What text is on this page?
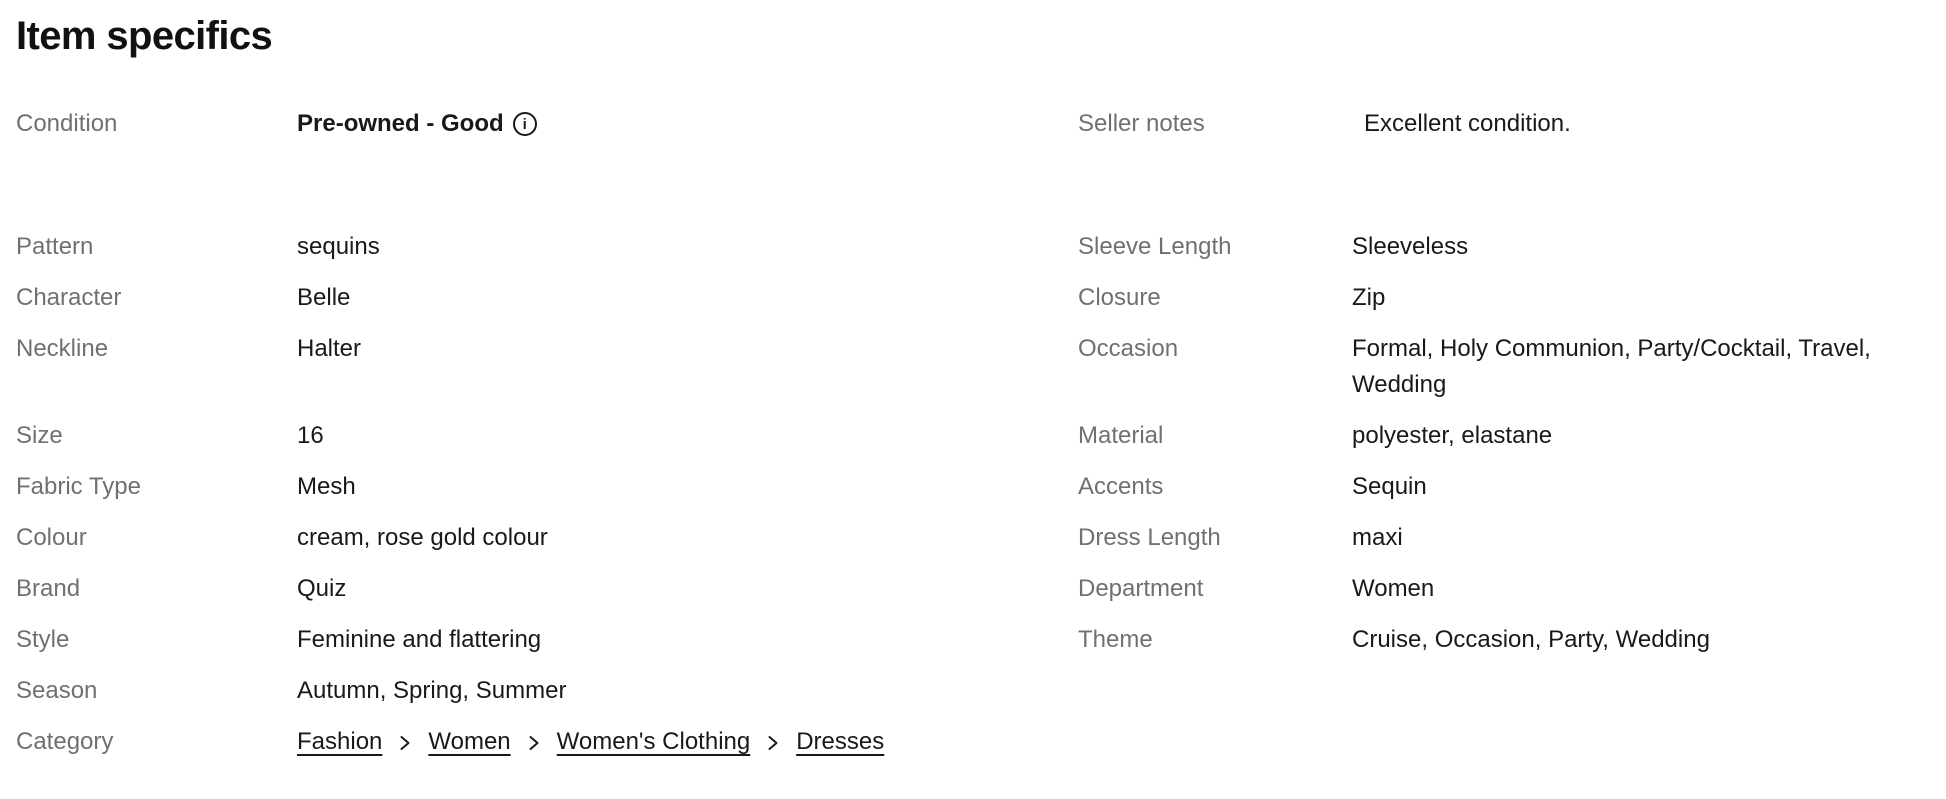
Item specifics
Condition	Pre-owned - Good	i	Seller notes	Excellent condition.
Pattern	sequins	Sleeve Length	Sleeveless
Character	Belle	Closure	Zip
Neckline	Halter	Occasion	Formal, Holy Communion, Party/Cocktail, Travel, Wedding
Size	16	Material	polyester, elastane
Fabric Type	Mesh	Accents	Sequin
Colour	cream, rose gold colour	Dress Length	maxi
Brand	Quiz	Department	Women
Style	Feminine and flattering	Theme	Cruise, Occasion, Party, Wedding
Season	Autumn, Spring, Summer
Category	Fashion Women Women's Clothing Dresses
